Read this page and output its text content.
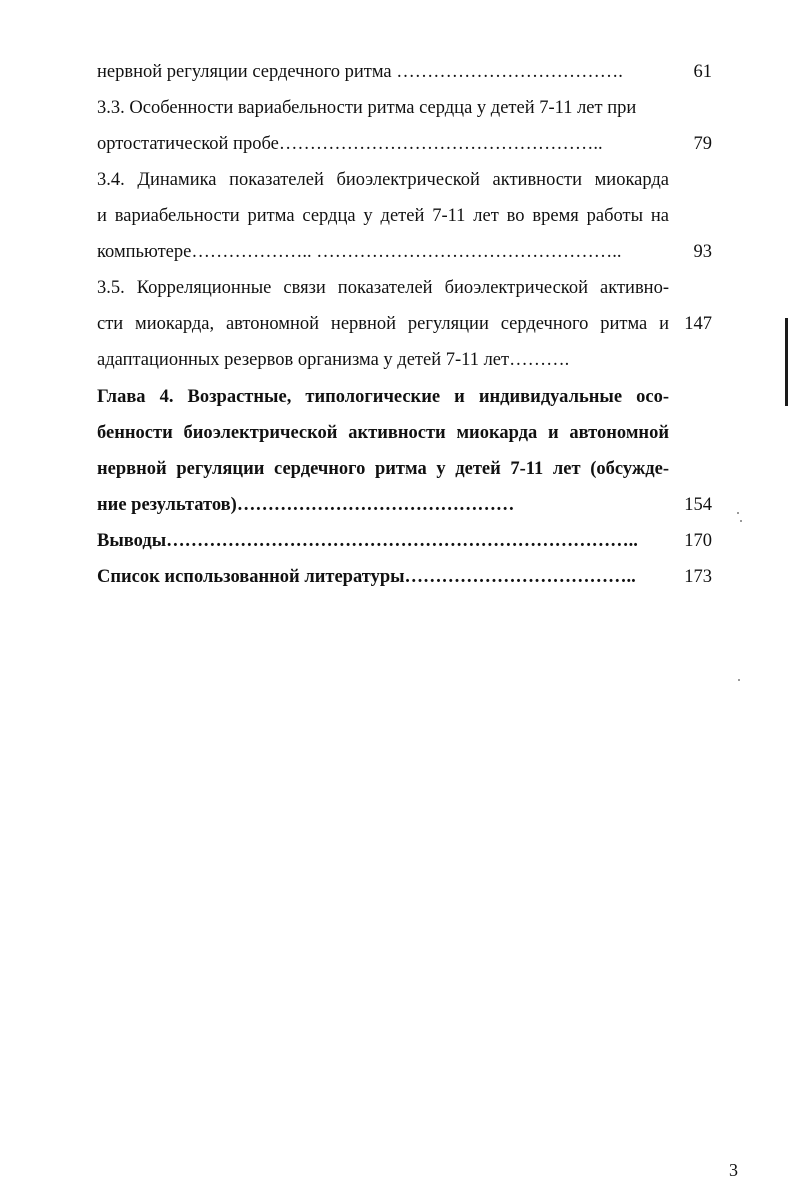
нервной регуляции сердечного ритма ……………………………….	61
3.3. Особенности вариабельности ритма сердца у детей 7-11 лет при
ортостатической пробе……………………………………………..	79
3.4. Динамика показателей биоэлектрической активности миокарда
и вариабельности ритма сердца у детей 7-11 лет во время работы на
компьютере……………….. …………………………………………..	93
3.5. Корреляционные связи показателей биоэлектрической активно-
сти миокарда, автономной нервной регуляции сердечного ритма и 147
адаптационных резервов организма у детей 7-11 лет……….
Глава 4. Возрастные, типологические и индивидуальные осо-
бенности биоэлектрической активности миокарда и автономной
нервной регуляции сердечного ритма у детей 7-11 лет (обсужде-
ние результатов)………………………………………	154
Выводы…………………………………………………………………..	170
Список использованной литературы………………………………..	173
3
